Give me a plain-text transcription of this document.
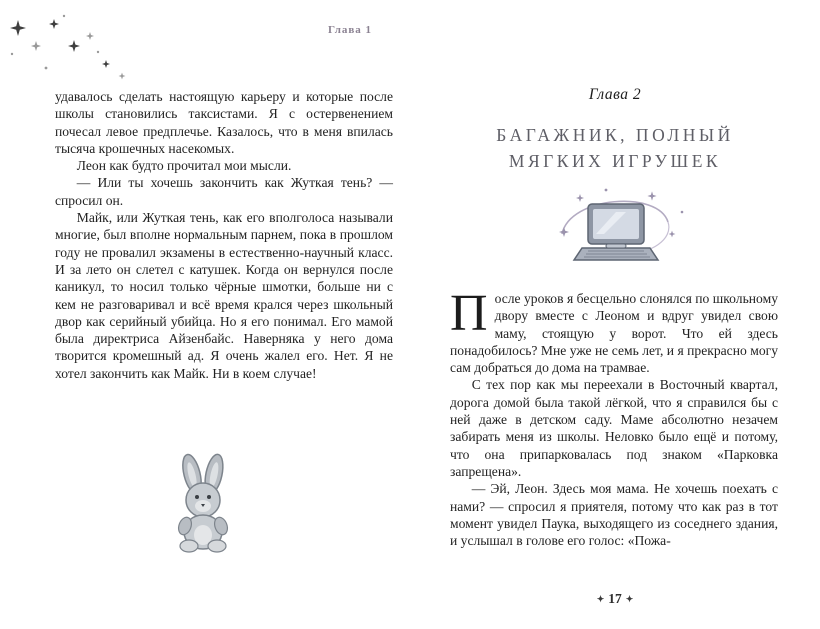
Глава 1

удавалось сделать настоящую карьеру и которые после школы становились таксистами. Я с остервенением почесал левое предплечье. Казалось, что в меня впилась тысяча крошечных насекомых.

Леон как будто прочитал мои мысли.

— Или ты хочешь закончить как Жуткая тень? — спросил он.

Майк, или Жуткая тень, как его вполголоса называли многие, был вполне нормальным парнем, пока в прошлом году не провалил экзамены в естественно-научный класс. И за лето он слетел с катушек. Когда он вернулся после каникул, то носил только чёрные шмотки, больше ни с кем не разговаривал и всё время крался через школьный двор как серийный убийца. Но я его понимал. Его мамой была директриса Айзенбайс. Наверняка у него дома творится кромешный ад. Я очень жалел его. Нет. Я не хотел закончить как Майк. Ни в коем случае!

Глава 2
БАГАЖНИК, ПОЛНЫЙ
МЯГКИХ ИГРУШЕК

После уроков я бесцельно слонялся по школьному двору вместе с Леоном и вдруг увидел свою маму, стоящую у ворот. Что ей здесь понадобилось? Мне уже не семь лет, и я прекрасно могу сам добраться до дома на трамвае.

С тех пор как мы переехали в Восточный квартал, дорога домой была такой лёгкой, что я справился бы с ней даже в детском саду. Маме абсолютно незачем забирать меня из школы. Неловко было ещё и потому, что она припарковалась под знаком «Парковка запрещена».

— Эй, Леон. Здесь моя мама. Не хочешь поехать с нами? — спросил я приятеля, потому что как раз в тот момент увидел Паука, выходящего из соседнего здания, и услышал в голове его голос: «Пожа-

✦ 17 ✦
